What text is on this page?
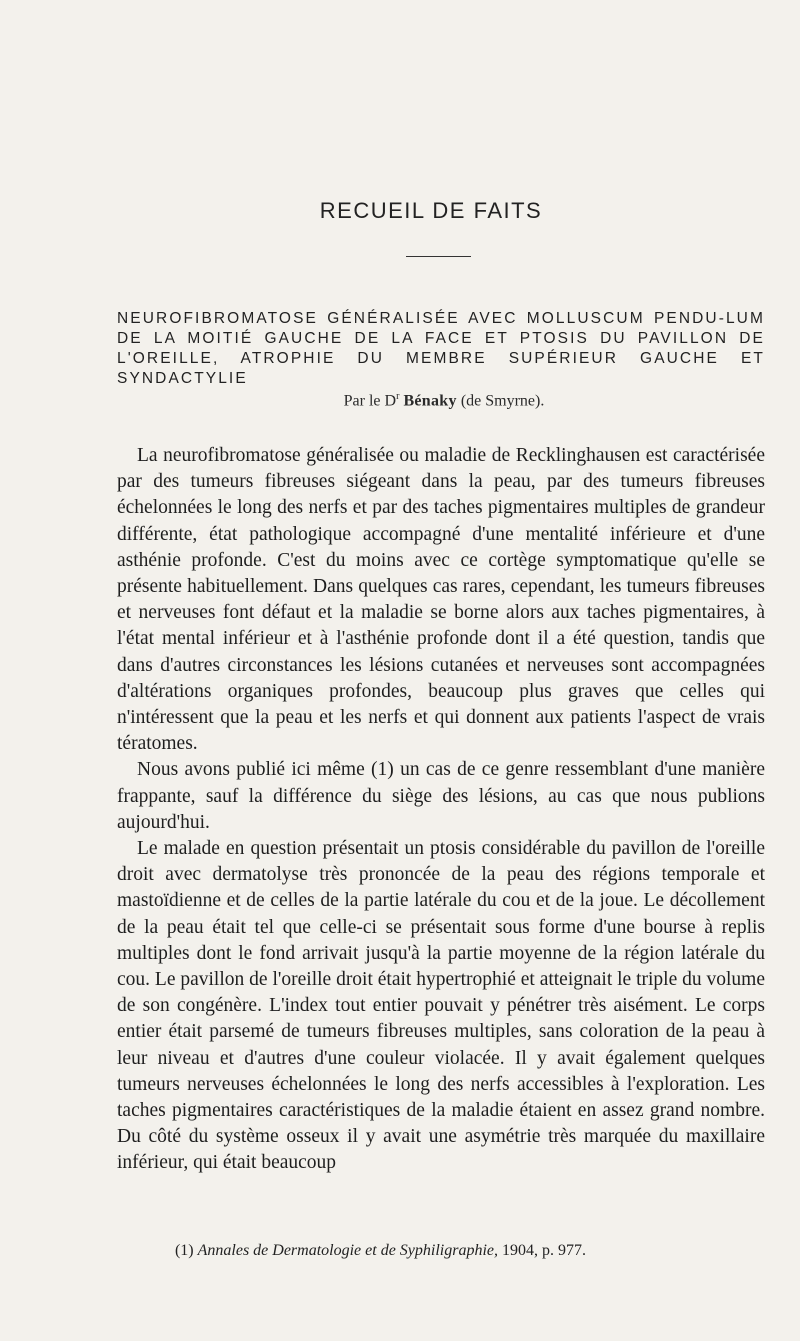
RECUEIL DE FAITS
NEUROFIBROMATOSE GÉNÉRALISÉE AVEC MOLLUSCUM PENDU-LUM DE LA MOITIÉ GAUCHE DE LA FACE ET PTOSIS DU PAVILLON DE L'OREILLE, ATROPHIE DU MEMBRE SUPÉRIEUR GAUCHE ET SYNDACTYLIE
Par le $D^r$ Bénaky (de Smyrne).

La neurofibromatose généralisée ou maladie de Recklinghausen est caractérisée par des tumeurs fibreuses siégeant dans la peau, par des tumeurs fibreuses échelonnées le long des nerfs et par des taches pigmentaires multiples de grandeur différente, état pathologique accompagné d'une mentalité inférieure et d'une asthénie profonde. C'est du moins avec ce cortège symptomatique qu'elle se présente habituellement. Dans quelques cas rares, cependant, les tumeurs fibreuses et nerveuses font défaut et la maladie se borne alors aux taches pigmentaires, à l'état mental inférieur et à l'asthénie profonde dont il a été question, tandis que dans d'autres circonstances les lésions cutanées et nerveuses sont accompagnées d'altérations organiques profondes, beaucoup plus graves que celles qui n'intéressent que la peau et les nerfs et qui donnent aux patients l'aspect de vrais tératomes.

Nous avons publié ici même (1) un cas de ce genre ressemblant d'une manière frappante, sauf la différence du siège des lésions, au cas que nous publions aujourd'hui.

Le malade en question présentait un ptosis considérable du pavillon de l'oreille droit avec dermatolyse très prononcée de la peau des régions temporale et mastoïdienne et de celles de la partie latérale du cou et de la joue. Le décollement de la peau était tel que celle-ci se présentait sous forme d'une bourse à replis multiples dont le fond arrivait jusqu'à la partie moyenne de la région latérale du cou. Le pavillon de l'oreille droit était hypertrophié et atteignait le triple du volume de son congénère. L'index tout entier pouvait y pénétrer très aisément. Le corps entier était parsemé de tumeurs fibreuses multiples, sans coloration de la peau à leur niveau et d'autres d'une couleur violacée. Il y avait également quelques tumeurs nerveuses échelonnées le long des nerfs accessibles à l'exploration. Les taches pigmentaires caractéristiques de la maladie étaient en assez grand nombre. Du côté du système osseux il y avait une asymétrie très marquée du maxillaire inférieur, qui était beaucoup

(1) Annales de Dermatologie et de Syphiligraphie, 1904, p. 977.
